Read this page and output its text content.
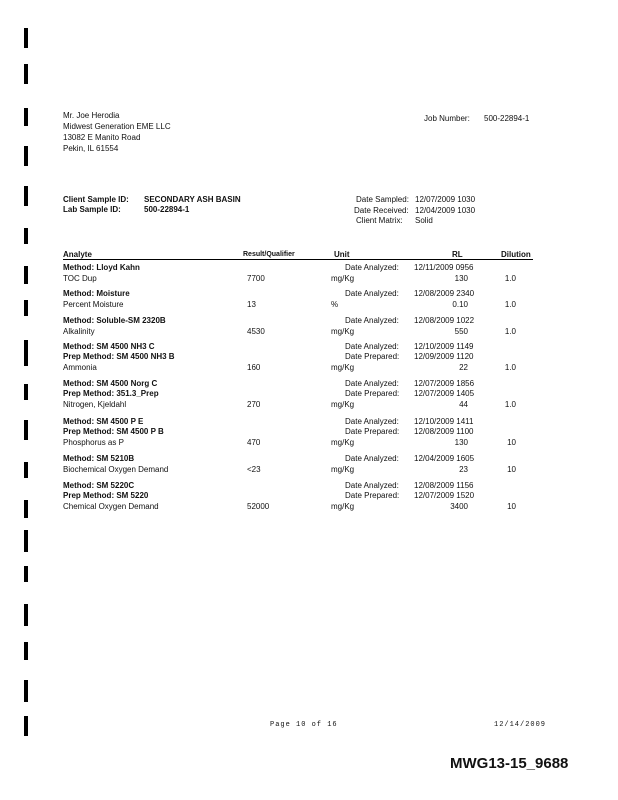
Mr. Joe Herodia
Midwest Generation EME LLC
13082 E Manito Road
Pekin, IL 61554
Job Number: 500-22894-1
Client Sample ID: SECONDARY ASH BASIN
Lab Sample ID:	500-22894-1
Date Sampled: 12/07/2009 1030
Date Received: 12/04/2009 1030
Client Matrix: Solid
Analyte	Result/Qualifier	Unit	RL	Dilution
Method: Lloyd Kahn	Date Analyzed: 12/11/2009 0956
TOC Dup	7700	mg/Kg	130	1.0
Method: Moisture	Date Analyzed: 12/08/2009 2340
Percent Moisture	13	%	0.10	1.0
Method: Soluble-SM 2320B	Date Analyzed: 12/08/2009 1022
Alkalinity	4530	mg/Kg	550	1.0
Method: SM 4500 NH3 C	Date Analyzed: 12/10/2009 1149
Prep Method: SM 4500 NH3 B	Date Prepared: 12/09/2009 1120
Ammonia	160	mg/Kg	22	1.0
Method: SM 4500 Norg C	Date Analyzed: 12/07/2009 1856
Prep Method: 351.3_Prep	Date Prepared: 12/07/2009 1405
Nitrogen, Kjeldahl	270	mg/Kg	44	1.0
Method: SM 4500 P E	Date Analyzed: 12/10/2009 1411
Prep Method: SM 4500 P B	Date Prepared: 12/08/2009 1100
Phosphorus as P	470	mg/Kg	130	10
Method: SM 5210B	Date Analyzed: 12/04/2009 1605
Biochemical Oxygen Demand	<23	mg/Kg	23	10
Method: SM 5220C	Date Analyzed: 12/08/2009 1156
Prep Method: SM 5220	Date Prepared: 12/07/2009 1520
Chemical Oxygen Demand	52000	mg/Kg	3400	10
Page 10 of 16	12/14/2009
MWG13-15_9688
